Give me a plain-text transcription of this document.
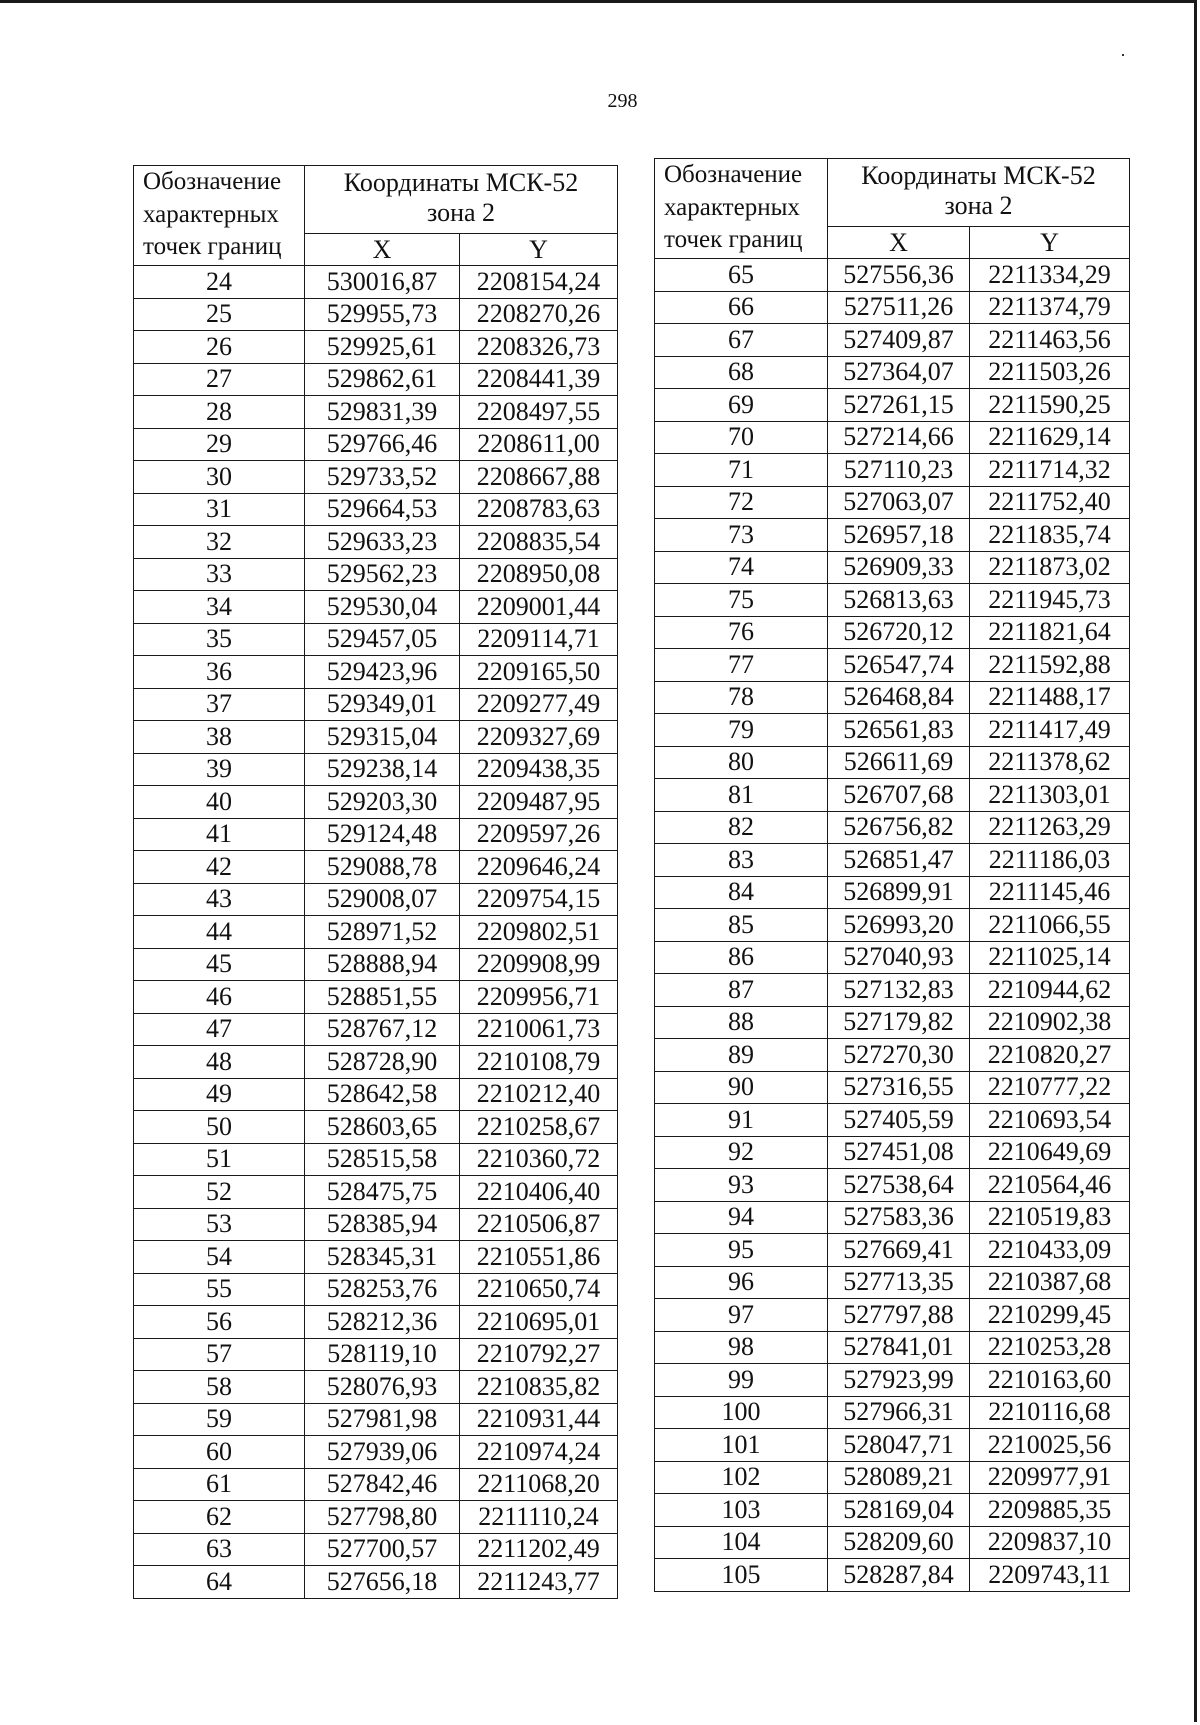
298
Обозначение
характерных
точек границ	Координаты МСК-52
зона 2	
	X	Y
24	530016,87	2208154,24
25	529955,73	2208270,26
26	529925,61	2208326,73
27	529862,61	2208441,39
28	529831,39	2208497,55
29	529766,46	2208611,00
30	529733,52	2208667,88
31	529664,53	2208783,63
32	529633,23	2208835,54
33	529562,23	2208950,08
34	529530,04	2209001,44
35	529457,05	2209114,71
36	529423,96	2209165,50
37	529349,01	2209277,49
38	529315,04	2209327,69
39	529238,14	2209438,35
40	529203,30	2209487,95
41	529124,48	2209597,26
42	529088,78	2209646,24
43	529008,07	2209754,15
44	528971,52	2209802,51
45	528888,94	2209908,99
46	528851,55	2209956,71
47	528767,12	2210061,73
48	528728,90	2210108,79
49	528642,58	2210212,40
50	528603,65	2210258,67
51	528515,58	2210360,72
52	528475,75	2210406,40
53	528385,94	2210506,87
54	528345,31	2210551,86
55	528253,76	2210650,74
56	528212,36	2210695,01
57	528119,10	2210792,27
58	528076,93	2210835,82
59	527981,98	2210931,44
60	527939,06	2210974,24
61	527842,46	2211068,20
62	527798,80	2211110,24
63	527700,57	2211202,49
64	527656,18	2211243,77
Обозначение
характерных
точек границ	Координаты МСК-52
зона 2	
	X	Y
65	527556,36	2211334,29
66	527511,26	2211374,79
67	527409,87	2211463,56
68	527364,07	2211503,26
69	527261,15	2211590,25
70	527214,66	2211629,14
71	527110,23	2211714,32
72	527063,07	2211752,40
73	526957,18	2211835,74
74	526909,33	2211873,02
75	526813,63	2211945,73
76	526720,12	2211821,64
77	526547,74	2211592,88
78	526468,84	2211488,17
79	526561,83	2211417,49
80	526611,69	2211378,62
81	526707,68	2211303,01
82	526756,82	2211263,29
83	526851,47	2211186,03
84	526899,91	2211145,46
85	526993,20	2211066,55
86	527040,93	2211025,14
87	527132,83	2210944,62
88	527179,82	2210902,38
89	527270,30	2210820,27
90	527316,55	2210777,22
91	527405,59	2210693,54
92	527451,08	2210649,69
93	527538,64	2210564,46
94	527583,36	2210519,83
95	527669,41	2210433,09
96	527713,35	2210387,68
97	527797,88	2210299,45
98	527841,01	2210253,28
99	527923,99	2210163,60
100	527966,31	2210116,68
101	528047,71	2210025,56
102	528089,21	2209977,91
103	528169,04	2209885,35
104	528209,60	2209837,10
105	528287,84	2209743,11
